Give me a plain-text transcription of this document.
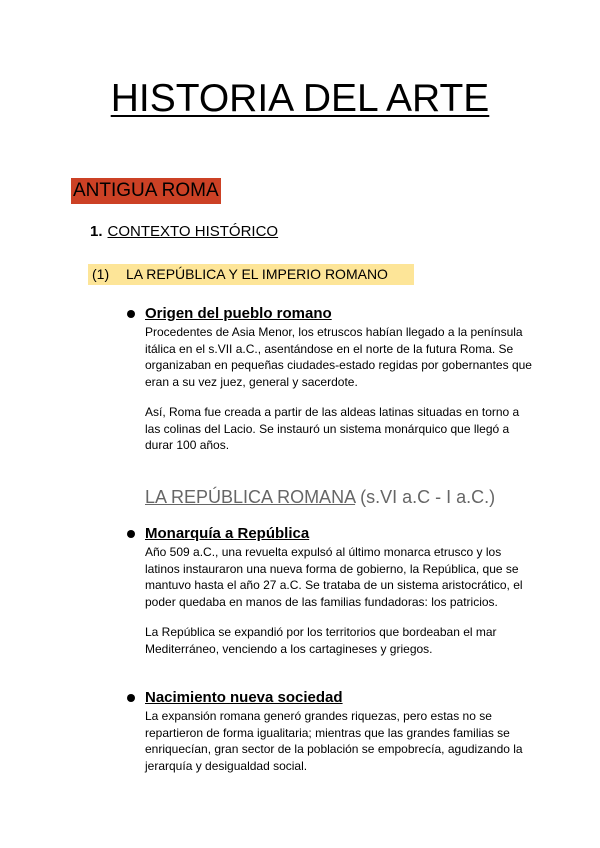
HISTORIA DEL ARTE
ANTIGUA ROMA
1. CONTEXTO HISTÓRICO
(1) LA REPÚBLICA Y EL IMPERIO ROMANO
Origen del pueblo romano

Procedentes de Asia Menor, los etruscos habían llegado a la península itálica en el s.VII a.C., asentándose en el norte de la futura Roma. Se organizaban en pequeñas ciudades-estado regidas por gobernantes que eran a su vez juez, general y sacerdote.

Así, Roma fue creada a partir de las aldeas latinas situadas en torno a las colinas del Lacio. Se instauró un sistema monárquico que llegó a durar 100 años.

LA REPÚBLICA ROMANA (s.VI a.C - I a.C.)
Monarquía a República

Año 509 a.C., una revuelta expulsó al último monarca etrusco y los latinos instauraron una nueva forma de gobierno, la República, que se mantuvo hasta el año 27 a.C. Se trataba de un sistema aristocrático, el poder quedaba en manos de las familias fundadoras: los patricios.

La República se expandió por los territorios que bordeaban el mar Mediterráneo, venciendo a los cartagineses y griegos.

Nacimiento nueva sociedad

La expansión romana generó grandes riquezas, pero estas no se repartieron de forma igualitaria; mientras que las grandes familias se enriquecían, gran sector de la población se empobrecía, agudizando la jerarquía y desigualdad social.
